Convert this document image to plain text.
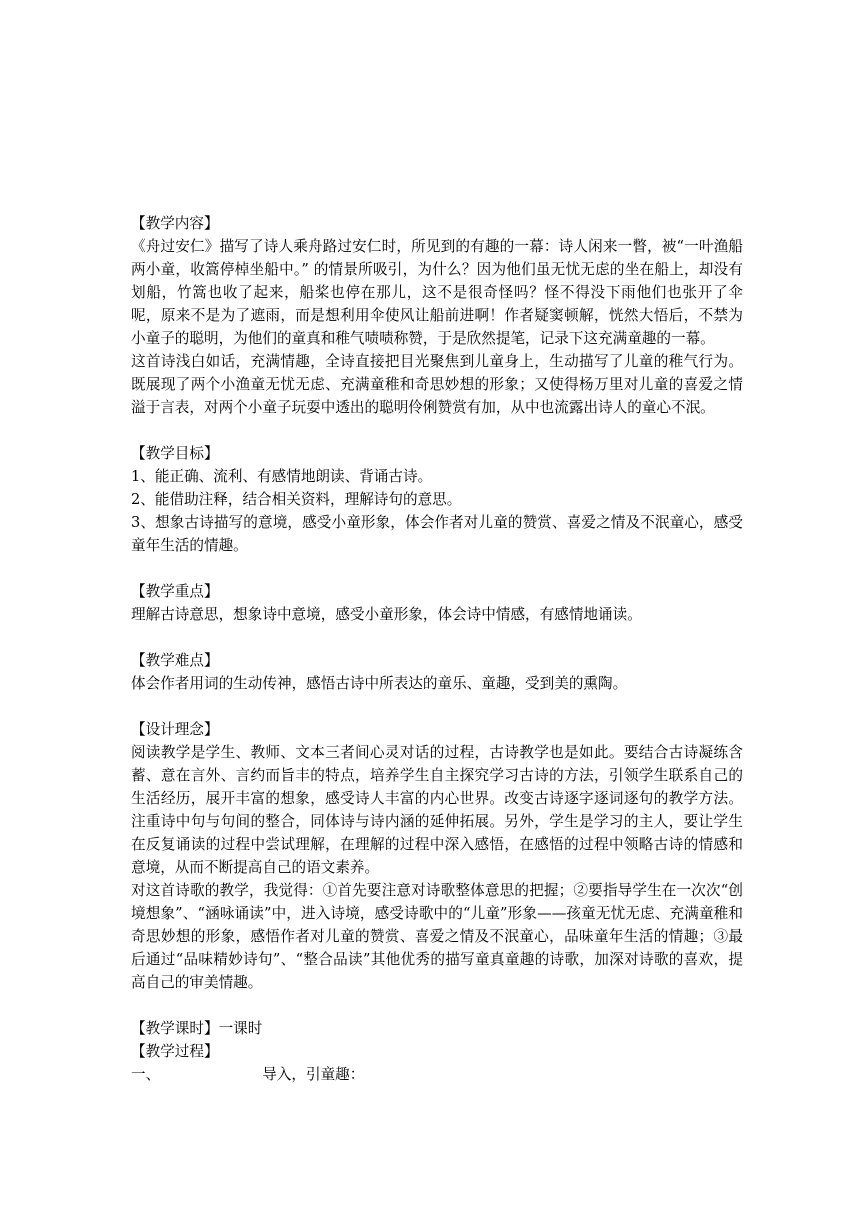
【教学内容】

《舟过安仁》描写了诗人乘舟路过安仁时，所见到的有趣的一幕：诗人闲来一瞥，被“一叶渔船两小童，收篙停棹坐船中。” 的情景所吸引，为什么？因为他们虽无忧无虑的坐在船上，却没有划船，竹篙也收了起来，船桨也停在那儿，这不是很奇怪吗？怪不得没下雨他们也张开了伞呢，原来不是为了遮雨，而是想利用伞使风让船前进啊！作者疑窦顿解，恍然大悟后，不禁为小童子的聪明，为他们的童真和稚气啧啧称赞，于是欣然提笔，记录下这充满童趣的一幕。

这首诗浅白如话，充满情趣，全诗直接把目光聚焦到儿童身上，生动描写了儿童的稚气行为。既展现了两个小渔童无忧无虑、充满童稚和奇思妙想的形象；又使得杨万里对儿童的喜爱之情溢于言表，对两个小童子玩耍中透出的聪明伶俐赞赏有加，从中也流露出诗人的童心不泯。

【教学目标】

1、能正确、流利、有感情地朗读、背诵古诗。

2、能借助注释，结合相关资料，理解诗句的意思。

3、想象古诗描写的意境，感受小童形象，体会作者对儿童的赞赏、喜爱之情及不泯童心，感受童年生活的情趣。

【教学重点】

理解古诗意思，想象诗中意境，感受小童形象，体会诗中情感，有感情地诵读。

【教学难点】

体会作者用词的生动传神，感悟古诗中所表达的童乐、童趣，受到美的熏陶。

【设计理念】

阅读教学是学生、教师、文本三者间心灵对话的过程，古诗教学也是如此。要结合古诗凝练含蓄、意在言外、言约而旨丰的特点，培养学生自主探究学习古诗的方法，引领学生联系自己的生活经历，展开丰富的想象，感受诗人丰富的内心世界。改变古诗逐字逐词逐句的教学方法。注重诗中句与句间的整合，同体诗与诗内涵的延伸拓展。另外，学生是学习的主人，要让学生在反复诵读的过程中尝试理解，在理解的过程中深入感悟，在感悟的过程中领略古诗的情感和意境，从而不断提高自己的语文素养。

对这首诗歌的教学，我觉得：①首先要注意对诗歌整体意思的把握；②要指导学生在一次次“创境想象”、“涵咏诵读”中，进入诗境，感受诗歌中的“儿童”形象——孩童无忧无虑、充满童稚和奇思妙想的形象，感悟作者对儿童的赞赏、喜爱之情及不泯童心，品味童年生活的情趣；③最后通过“品味精妙诗句”、“整合品读”其他优秀的描写童真童趣的诗歌，加深对诗歌的喜欢，提高自己的审美情趣。

【教学课时】一课时

【教学过程】

一、	导入，引童趣：
